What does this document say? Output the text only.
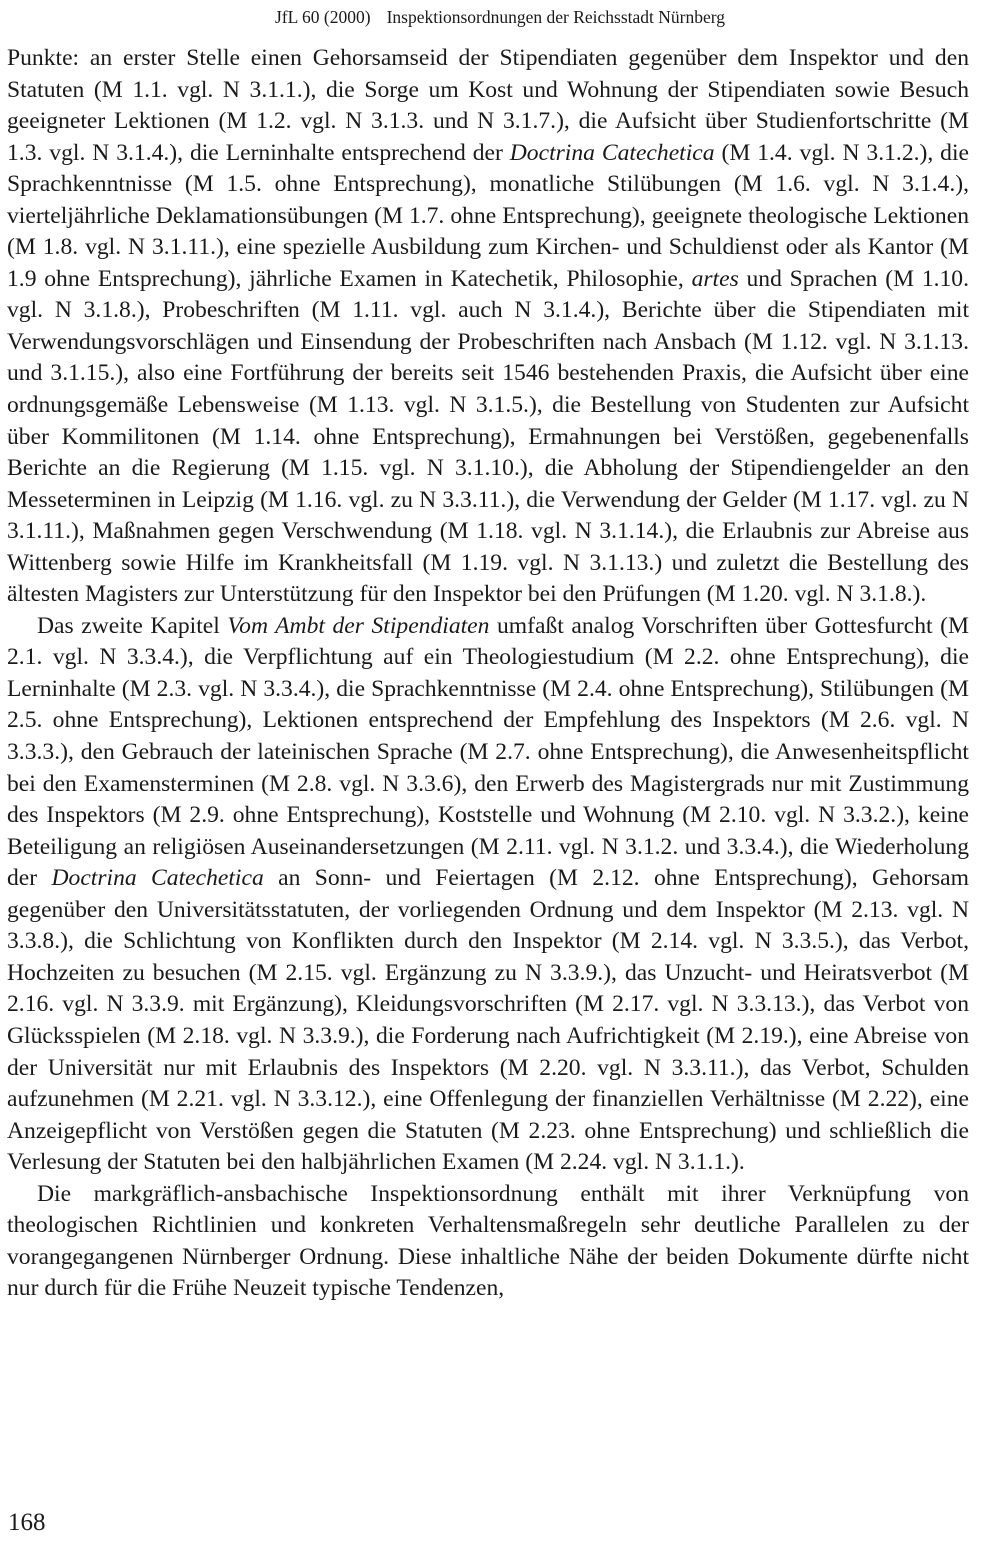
JfL 60 (2000) Inspektionsordnungen der Reichsstadt Nürnberg

Punkte: an erster Stelle einen Gehorsamseid der Stipendiaten gegenüber dem Inspektor und den Statuten (M 1.1. vgl. N 3.1.1.), die Sorge um Kost und Wohnung der Stipendiaten sowie Besuch geeigneter Lektionen (M 1.2. vgl. N 3.1.3. und N 3.1.7.), die Aufsicht über Studienfortschritte (M 1.3. vgl. N 3.1.4.), die Lerninhalte entsprechend der Doctrina Catechetica (M 1.4. vgl. N 3.1.2.), die Sprachkenntnisse (M 1.5. ohne Entsprechung), monatliche Stilübungen (M 1.6. vgl. N 3.1.4.), vierteljährliche Deklamationsübungen (M 1.7. ohne Entsprechung), geeignete theologische Lektionen (M 1.8. vgl. N 3.1.11.), eine spezielle Ausbildung zum Kirchen- und Schuldienst oder als Kantor (M 1.9 ohne Entsprechung), jährliche Examen in Katechetik, Philosophie, artes und Sprachen (M 1.10. vgl. N 3.1.8.), Probeschriften (M 1.11. vgl. auch N 3.1.4.), Berichte über die Stipendiaten mit Verwendungsvorschlägen und Einsendung der Probeschriften nach Ansbach (M 1.12. vgl. N 3.1.13. und 3.1.15.), also eine Fortführung der bereits seit 1546 bestehenden Praxis, die Aufsicht über eine ordnungsgemäße Lebensweise (M 1.13. vgl. N 3.1.5.), die Bestellung von Studenten zur Aufsicht über Kommilitonen (M 1.14. ohne Entsprechung), Ermahnungen bei Verstößen, gegebenenfalls Berichte an die Regierung (M 1.15. vgl. N 3.1.10.), die Abholung der Stipendiengelder an den Messeterminen in Leipzig (M 1.16. vgl. zu N 3.3.11.), die Verwendung der Gelder (M 1.17. vgl. zu N 3.1.11.), Maßnahmen gegen Verschwendung (M 1.18. vgl. N 3.1.14.), die Erlaubnis zur Abreise aus Wittenberg sowie Hilfe im Krankheitsfall (M 1.19. vgl. N 3.1.13.) und zuletzt die Bestellung des ältesten Magisters zur Unterstützung für den Inspektor bei den Prüfungen (M 1.20. vgl. N 3.1.8.).

Das zweite Kapitel Vom Ambt der Stipendiaten umfaßt analog Vorschriften über Gottesfurcht (M 2.1. vgl. N 3.3.4.), die Verpflichtung auf ein Theologiestudium (M 2.2. ohne Entsprechung), die Lerninhalte (M 2.3. vgl. N 3.3.4.), die Sprachkenntnisse (M 2.4. ohne Entsprechung), Stilübungen (M 2.5. ohne Entsprechung), Lektionen entsprechend der Empfehlung des Inspektors (M 2.6. vgl. N 3.3.3.), den Gebrauch der lateinischen Sprache (M 2.7. ohne Entsprechung), die Anwesenheitspflicht bei den Examensterminen (M 2.8. vgl. N 3.3.6), den Erwerb des Magistergrads nur mit Zustimmung des Inspektors (M 2.9. ohne Entsprechung), Koststelle und Wohnung (M 2.10. vgl. N 3.3.2.), keine Beteiligung an religiösen Auseinandersetzungen (M 2.11. vgl. N 3.1.2. und 3.3.4.), die Wiederholung der Doctrina Catechetica an Sonn- und Feiertagen (M 2.12. ohne Entsprechung), Gehorsam gegenüber den Universitätsstatuten, der vorliegenden Ordnung und dem Inspektor (M 2.13. vgl. N 3.3.8.), die Schlichtung von Konflikten durch den Inspektor (M 2.14. vgl. N 3.3.5.), das Verbot, Hochzeiten zu besuchen (M 2.15. vgl. Ergänzung zu N 3.3.9.), das Unzucht- und Heiratsverbot (M 2.16. vgl. N 3.3.9. mit Ergänzung), Kleidungsvorschriften (M 2.17. vgl. N 3.3.13.), das Verbot von Glücksspielen (M 2.18. vgl. N 3.3.9.), die Forderung nach Aufrichtigkeit (M 2.19.), eine Abreise von der Universität nur mit Erlaubnis des Inspektors (M 2.20. vgl. N 3.3.11.), das Verbot, Schulden aufzunehmen (M 2.21. vgl. N 3.3.12.), eine Offenlegung der finanziellen Verhältnisse (M 2.22), eine Anzeigepflicht von Verstößen gegen die Statuten (M 2.23. ohne Entsprechung) und schließlich die Verlesung der Statuten bei den halbjährlichen Examen (M 2.24. vgl. N 3.1.1.).

Die markgräflich-ansbachische Inspektionsordnung enthält mit ihrer Verknüpfung von theologischen Richtlinien und konkreten Verhaltensmaßregeln sehr deutliche Parallelen zu der vorangegangenen Nürnberger Ordnung. Diese inhaltliche Nähe der beiden Dokumente dürfte nicht nur durch für die Frühe Neuzeit typische Tendenzen,

168
